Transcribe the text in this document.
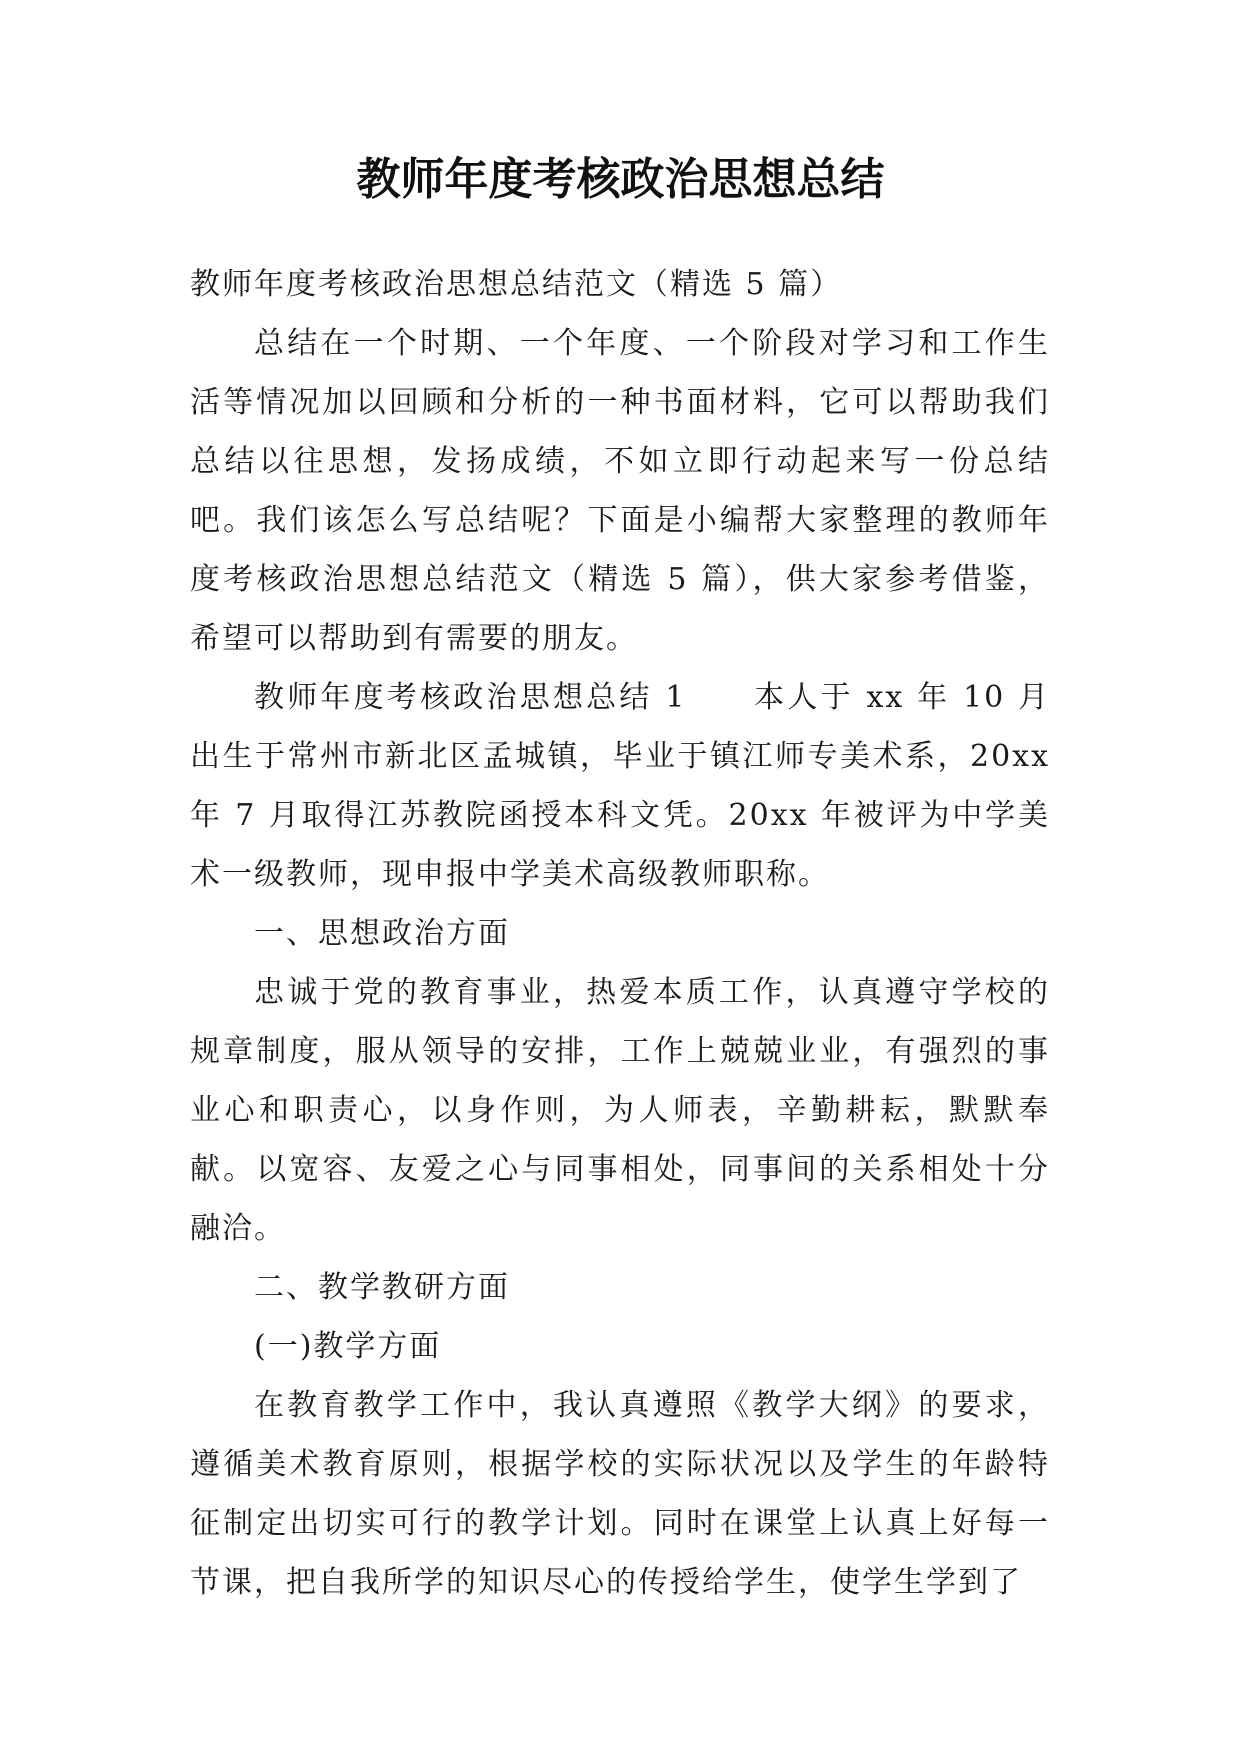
教师年度考核政治思想总结

教师年度考核政治思想总结范文（精选 5 篇）

总结在一个时期、一个年度、一个阶段对学习和工作生活等情况加以回顾和分析的一种书面材料，它可以帮助我们总结以往思想，发扬成绩，不如立即行动起来写一份总结吧。我们该怎么写总结呢？下面是小编帮大家整理的教师年度考核政治思想总结范文（精选 5 篇），供大家参考借鉴，希望可以帮助到有需要的朋友。

教师年度考核政治思想总结 1　　本人于 xx 年 10 月出生于常州市新北区孟城镇，毕业于镇江师专美术系，20xx 年 7 月取得江苏教院函授本科文凭。20xx 年被评为中学美术一级教师，现申报中学美术高级教师职称。

一、思想政治方面

忠诚于党的教育事业，热爱本质工作，认真遵守学校的规章制度，服从领导的安排，工作上兢兢业业，有强烈的事业心和职责心，以身作则，为人师表，辛勤耕耘，默默奉献。以宽容、友爱之心与同事相处，同事间的关系相处十分融洽。

二、教学教研方面

(一)教学方面

在教育教学工作中，我认真遵照《教学大纲》的要求，遵循美术教育原则，根据学校的实际状况以及学生的年龄特征制定出切实可行的教学计划。同时在课堂上认真上好每一节课，把自我所学的知识尽心的传授给学生，使学生学到了
